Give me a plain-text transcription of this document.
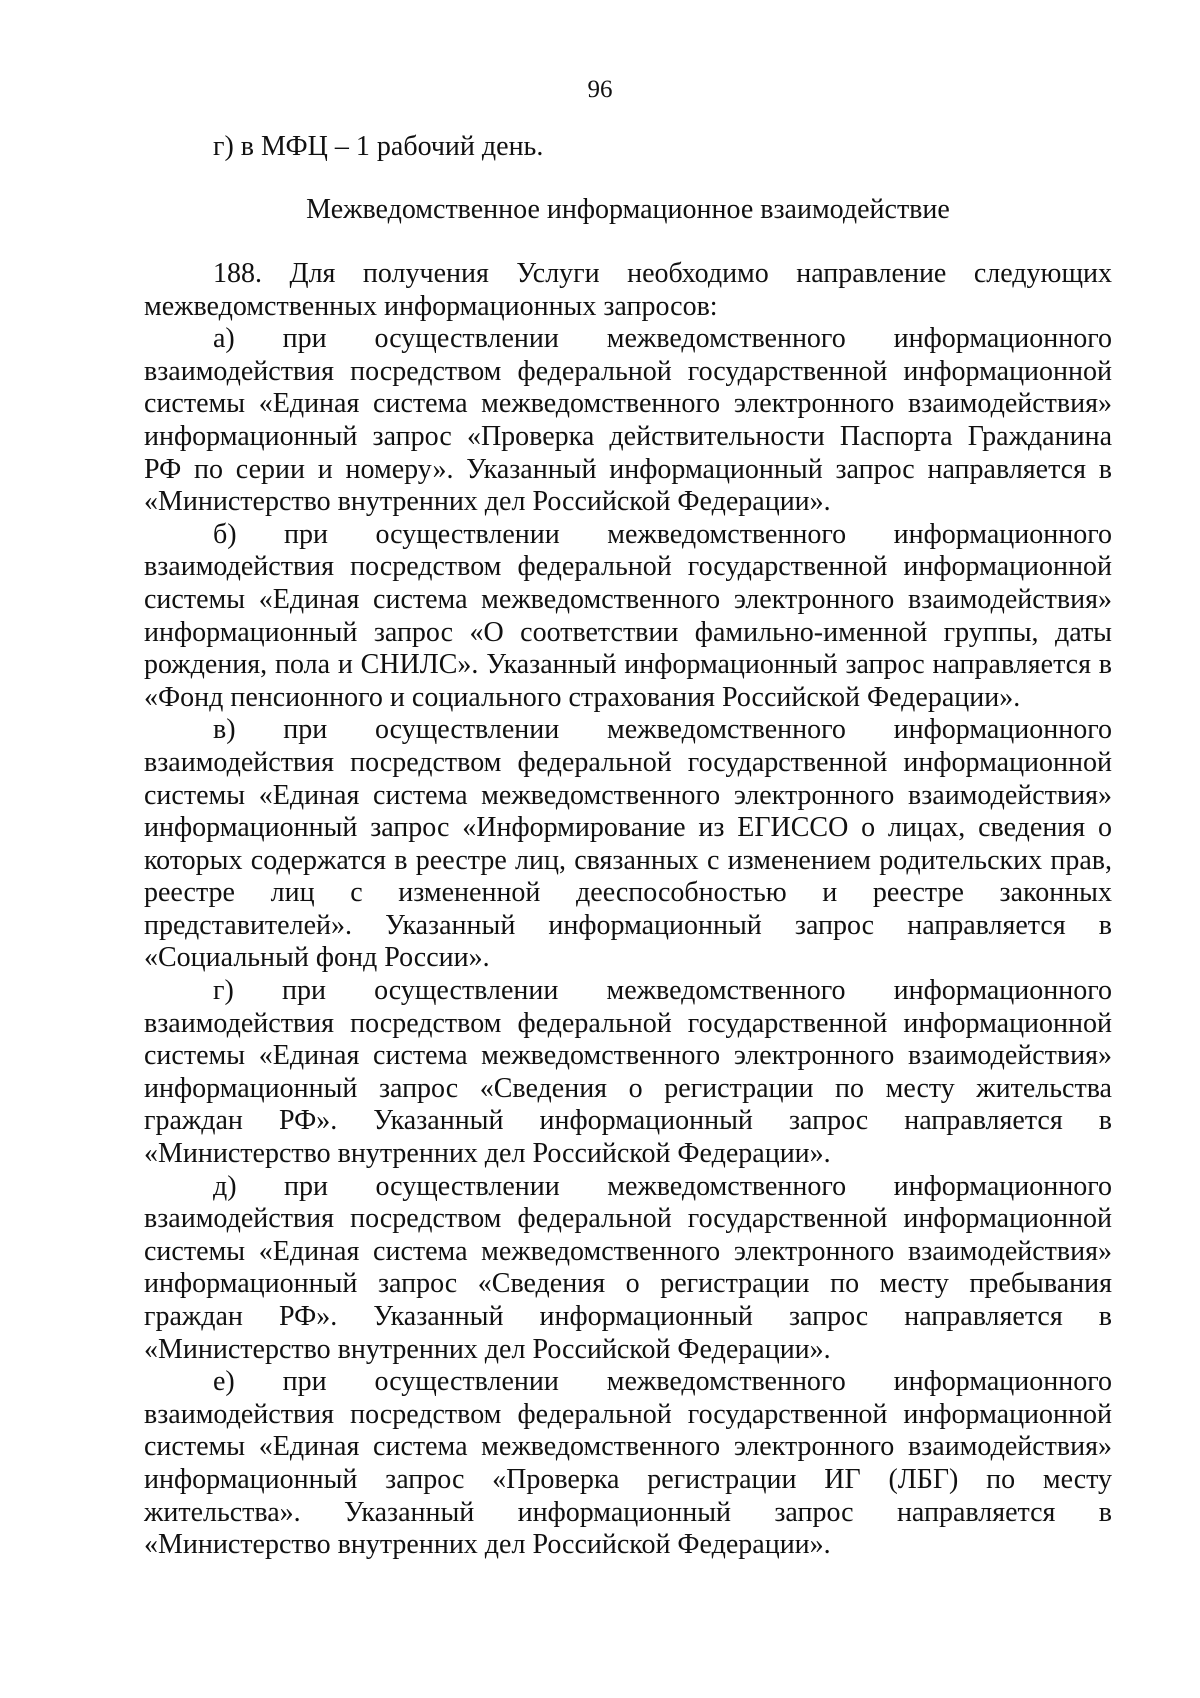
96

г) в МФЦ – 1 рабочий день.

Межведомственное информационное взаимодействие

188. Для получения Услуги необходимо направление следующих межведомственных информационных запросов:

а) при осуществлении межведомственного информационного взаимодействия посредством федеральной государственной информационной системы «Единая система межведомственного электронного взаимодействия» информационный запрос «Проверка действительности Паспорта Гражданина РФ по серии и номеру». Указанный информационный запрос направляется в «Министерство внутренних дел Российской Федерации».

б) при осуществлении межведомственного информационного взаимодействия посредством федеральной государственной информационной системы «Единая система межведомственного электронного взаимодействия» информационный запрос «О соответствии фамильно-именной группы, даты рождения, пола и СНИЛС». Указанный информационный запрос направляется в «Фонд пенсионного и социального страхования Российской Федерации».

в) при осуществлении межведомственного информационного взаимодействия посредством федеральной государственной информационной системы «Единая система межведомственного электронного взаимодействия» информационный запрос «Информирование из ЕГИССО о лицах, сведения о которых содержатся в реестре лиц, связанных с изменением родительских прав, реестре лиц с измененной дееспособностью и реестре законных представителей». Указанный информационный запрос направляется в «Социальный фонд России».

г) при осуществлении межведомственного информационного взаимодействия посредством федеральной государственной информационной системы «Единая система межведомственного электронного взаимодействия» информационный запрос «Сведения о регистрации по месту жительства граждан РФ». Указанный информационный запрос направляется в «Министерство внутренних дел Российской Федерации».

д) при осуществлении межведомственного информационного взаимодействия посредством федеральной государственной информационной системы «Единая система межведомственного электронного взаимодействия» информационный запрос «Сведения о регистрации по месту пребывания граждан РФ». Указанный информационный запрос направляется в «Министерство внутренних дел Российской Федерации».

е) при осуществлении межведомственного информационного взаимодействия посредством федеральной государственной информационной системы «Единая система межведомственного электронного взаимодействия» информационный запрос «Проверка регистрации ИГ (ЛБГ) по месту жительства». Указанный информационный запрос направляется в «Министерство внутренних дел Российской Федерации».
